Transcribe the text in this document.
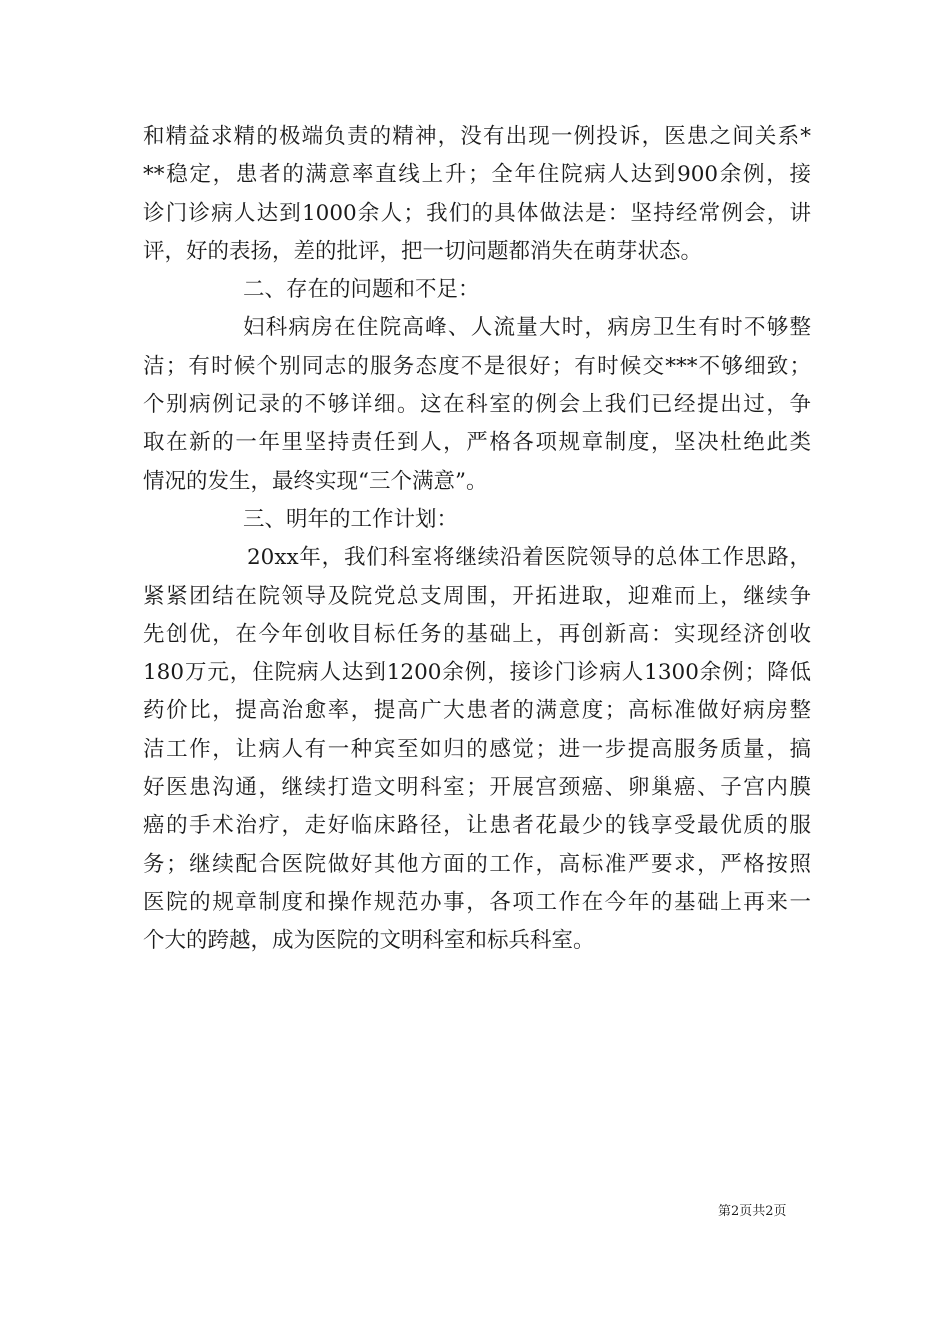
和精益求精的极端负责的精神，没有出现一例投诉，医患之间关系*
**稳定，患者的满意率直线上升；全年住院病人达到900余例，接
诊门诊病人达到1000余人；我们的具体做法是：坚持经常例会，讲
评，好的表扬，差的批评，把一切问题都消失在萌芽状态。
二、存在的问题和不足：
妇科病房在住院高峰、人流量大时，病房卫生有时不够整
洁；有时候个别同志的服务态度不是很好；有时候交***不够细致；
个别病例记录的不够详细。这在科室的例会上我们已经提出过，争
取在新的一年里坚持责任到人，严格各项规章制度，坚决杜绝此类
情况的发生，最终实现“三个满意”。
三、明年的工作计划：
20xx年，我们科室将继续沿着医院领导的总体工作思路，
紧紧团结在院领导及院党总支周围，开拓进取，迎难而上，继续争
先创优，在今年创收目标任务的基础上，再创新高：实现经济创收
180万元，住院病人达到1200余例，接诊门诊病人1300余例；降低
药价比，提高治愈率，提高广大患者的满意度；高标准做好病房整
洁工作，让病人有一种宾至如归的感觉；进一步提高服务质量，搞
好医患沟通，继续打造文明科室；开展宫颈癌、卵巢癌、子宫内膜
癌的手术治疗，走好临床路径，让患者花最少的钱享受最优质的服
务；继续配合医院做好其他方面的工作，高标准严要求，严格按照
医院的规章制度和操作规范办事，各项工作在今年的基础上再来一
个大的跨越，成为医院的文明科室和标兵科室。
第2页共2页
